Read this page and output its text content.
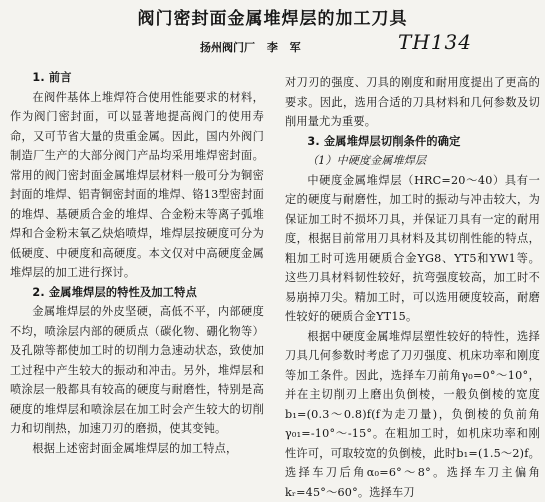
阀门密封面金属堆焊层的加工刀具
扬州阀门厂 李 军	TH134
1. 前言

在阀件基体上堆焊符合使用性能要求的材料，作为阀门密封面，可以显著地提高阀门的使用寿命，又可节省大量的贵重金属。因此，国内外阀门制造厂生产的大部分阀门产品均采用堆焊密封面。常用的阀门密封面金属堆焊层材料一般可分为铜密封面的堆焊、铝青铜密封面的堆焊、铬13型密封面的堆焊、基硬质合金的堆焊、合金粉末等离子弧堆焊和合金粉末氧乙炔焰喷焊，堆焊层按硬度可分为低硬度、中硬度和高硬度。本文仅对中高硬度金属堆焊层的加工进行探讨。

2. 金属堆焊层的特性及加工特点

金属堆焊层的外皮坚硬，高低不平，内部硬度不均，喷涂层内部的硬质点（碳化物、硼化物等）及孔隙等都使加工时的切削力急速动状态，致使加工过程中产生较大的振动和冲击。另外，堆焊层和喷涂层一般都具有较高的硬度与耐磨性，特别是高硬度的堆焊层和喷涂层在加工时会产生较大的切削力和切削热，加速刀刃的磨损，使其变钝。

根据上述密封面金属堆焊层的加工特点，

对刀刃的强度、刀具的刚度和耐用度提出了更高的要求。因此，选用合适的刀具材料和几何参数及切削用量尤为重要。

3. 金属堆焊层切削条件的确定
（1）中硬度金属堆焊层

中硬度金属堆焊层（HRC=20～40）具有一定的硬度与耐磨性，加工时的振动与冲击较大，为保证加工时不损坏刀具，并保证刀具有一定的耐用度，根据目前常用刀具材料及其切削性能的特点，粗加工时可选用硬质合金YG8、YT5和YW1等。这些刀具材料韧性较好，抗弯强度较高，加工时不易崩掉刀尖。精加工时，可以选用硬度较高，耐磨性较好的硬质合金YT15。

根据中硬度金属堆焊层塑性较好的特性，选择刀具几何参数时考虑了刀刃强度、机床功率和刚度等加工条件。因此，选择车刀前角γ₀=0°～10°，并在主切削刃上磨出负倒棱，一般负倒棱的宽度b₁=(0.3～0.8)f(f为走刀量)，负倒棱的负前角γ₀₁=-10°～-15°。在粗加工时，如机床功率和刚性许可，可取较宽的负倒棱，此时b₁=(1.5～2)f。选择车刀后角α₀=6°～8°。选择车刀主偏角kᵣ=45°～60°。选择车刀
